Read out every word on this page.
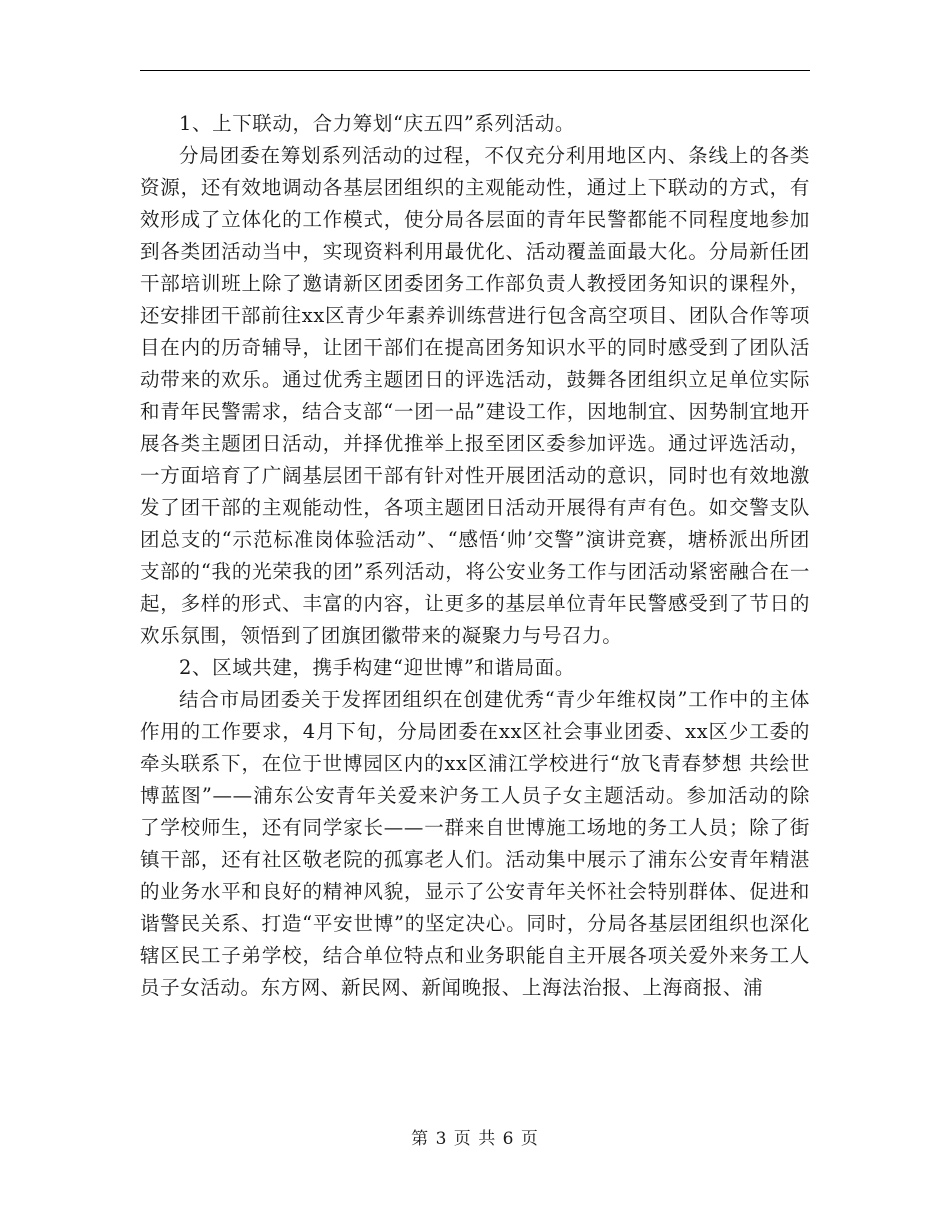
1、上下联动，合力筹划“庆五四”系列活动。

分局团委在筹划系列活动的过程，不仅充分利用地区内、条线上的各类资源，还有效地调动各基层团组织的主观能动性，通过上下联动的方式，有效形成了立体化的工作模式，使分局各层面的青年民警都能不同程度地参加到各类团活动当中，实现资料利用最优化、活动覆盖面最大化。分局新任团干部培训班上除了邀请新区团委团务工作部负责人教授团务知识的课程外，还安排团干部前往xx区青少年素养训练营进行包含高空项目、团队合作等项目在内的历奇辅导，让团干部们在提高团务知识水平的同时感受到了团队活动带来的欢乐。通过优秀主题团日的评选活动，鼓舞各团组织立足单位实际和青年民警需求，结合支部“一团一品”建设工作，因地制宜、因势制宜地开展各类主题团日活动，并择优推举上报至团区委参加评选。通过评选活动，一方面培育了广阔基层团干部有针对性开展团活动的意识，同时也有效地激发了团干部的主观能动性，各项主题团日活动开展得有声有色。如交警支队团总支的“示范标准岗体验活动”、“感悟‘帅’交警”演讲竞赛，塘桥派出所团支部的“我的光荣我的团”系列活动，将公安业务工作与团活动紧密融合在一起，多样的形式、丰富的内容，让更多的基层单位青年民警感受到了节日的欢乐氛围，领悟到了团旗团徽带来的凝聚力与号召力。

2、区域共建，携手构建“迎世博”和谐局面。

结合市局团委关于发挥团组织在创建优秀“青少年维权岗”工作中的主体作用的工作要求，4月下旬，分局团委在xx区社会事业团委、xx区少工委的牵头联系下，在位于世博园区内的xx区浦江学校进行“放飞青春梦想 共绘世博蓝图”——浦东公安青年关爱来沪务工人员子女主题活动。参加活动的除了学校师生，还有同学家长——一群来自世博施工场地的务工人员；除了街镇干部，还有社区敬老院的孤寡老人们。活动集中展示了浦东公安青年精湛的业务水平和良好的精神风貌，显示了公安青年关怀社会特别群体、促进和谐警民关系、打造“平安世博”的坚定决心。同时，分局各基层团组织也深化辖区民工子弟学校，结合单位特点和业务职能自主开展各项关爱外来务工人员子女活动。东方网、新民网、新闻晚报、上海法治报、上海商报、浦

第 3 页 共 6 页
